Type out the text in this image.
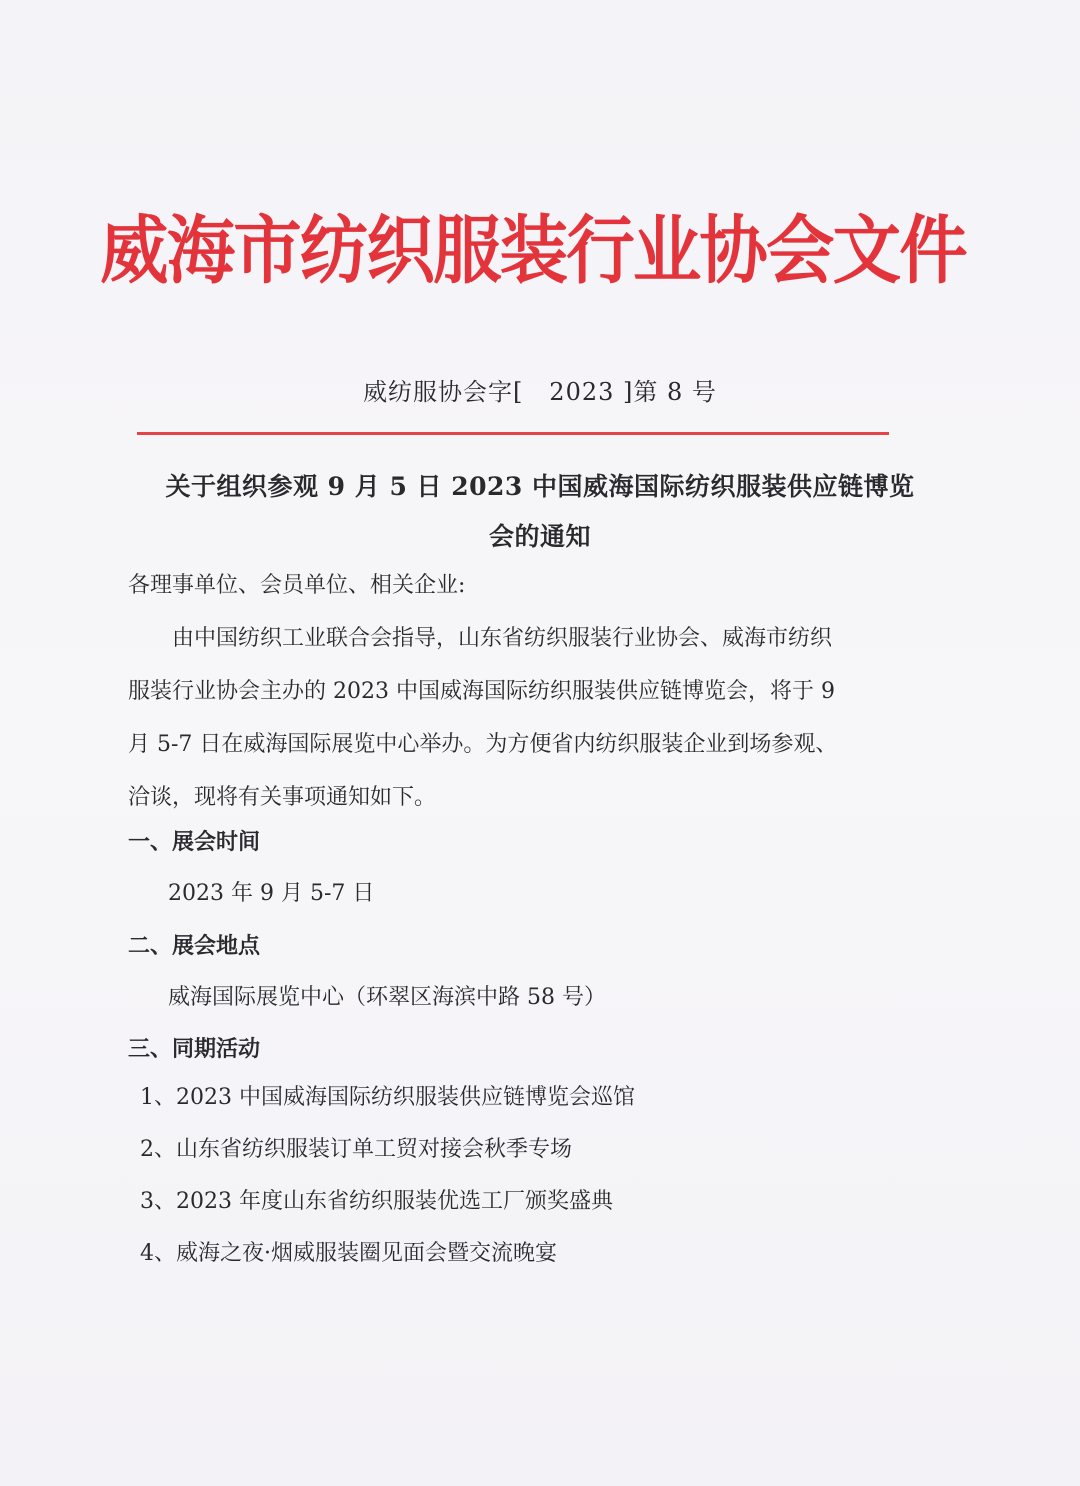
威海市纺织服装行业协会文件
威纺服协会字[   2023 ]第 8 号
关于组织参观 9 月 5 日 2023 中国威海国际纺织服装供应链博览
会的通知
各理事单位、会员单位、相关企业:
由中国纺织工业联合会指导，山东省纺织服装行业协会、威海市纺织
服装行业协会主办的 2023 中国威海国际纺织服装供应链博览会，将于 9
月 5-7 日在威海国际展览中心举办。为方便省内纺织服装企业到场参观、
洽谈，现将有关事项通知如下。
一、展会时间
2023 年 9 月 5-7 日
二、展会地点
威海国际展览中心（环翠区海滨中路 58 号）
三、同期活动
1、2023 中国威海国际纺织服装供应链博览会巡馆
2、山东省纺织服装订单工贸对接会秋季专场
3、2023 年度山东省纺织服装优选工厂颁奖盛典
4、威海之夜·烟威服装圈见面会暨交流晚宴
